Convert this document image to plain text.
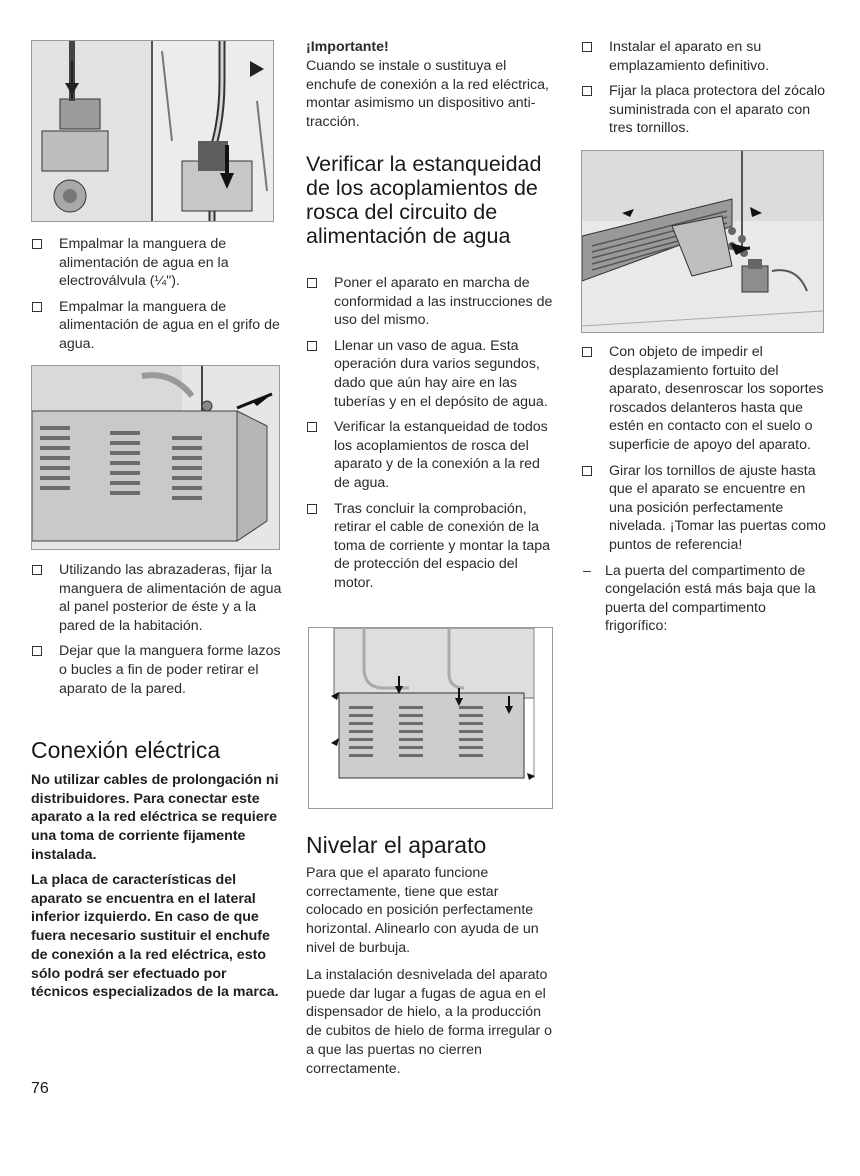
Empalmar la manguera de alimentación de agua en la electroválvula (¼").
Empalmar la manguera de alimentación de agua en el grifo de agua.
Utilizando las abrazaderas, fijar la manguera de alimentación de agua al panel posterior de éste y a la pared de la habitación.
Dejar que la manguera forme lazos o bucles a fin de poder retirar el aparato de la pared.
Conexión eléctrica

No utilizar cables de prolongación ni distribuidores. Para conectar este aparato a la red eléctrica se requiere una toma de corriente fijamente instalada.

La placa de características del aparato se encuentra en el lateral inferior izquierdo. En caso de que fuera necesario sustituir el enchufe de conexión a la red eléctrica, esto sólo podrá ser efectuado por técnicos especializados de la marca.

¡Importante!

Cuando se instale o sustituya el enchufe de conexión a la red eléctrica, montar asimismo un dispositivo anti-tracción.

Verificar la estanqueidad de los acoplamientos de rosca del circuito de alimentación de agua
Poner el aparato en marcha de conformidad a las instrucciones de uso del mismo.
Llenar un vaso de agua. Esta operación dura varios segundos, dado que aún hay aire en las tuberías y en el depósito de agua.
Verificar la estanqueidad de todos los acoplamientos de rosca del aparato y de la conexión a la red de agua.
Tras concluir la comprobación, retirar el cable de conexión de la toma de corriente y montar la tapa de protección del espacio del motor.
Nivelar el aparato

Para que el aparato funcione correctamente, tiene que estar colocado en posición perfectamente horizontal. Alinearlo con ayuda de un nivel de burbuja.

La instalación desnivelada del aparato puede dar lugar a fugas de agua en el dispensador de hielo, a la producción de cubitos de hielo de forma irregular o a que las puertas no cierren correctamente.

Instalar el aparato en su emplazamiento definitivo.
Fijar la placa protectora del zócalo suministrada con el aparato con tres tornillos.
Con objeto de impedir el desplazamiento fortuito del aparato, desenroscar los soportes roscados delanteros hasta que estén en contacto con el suelo o superficie de apoyo del aparato.
Girar los tornillos de ajuste hasta que el aparato se encuentre en una posición perfectamente nivelada. ¡Tomar las puertas como puntos de referencia!
– La puerta del compartimento de congelación está más baja que la puerta del compartimento frigorífico:
76
